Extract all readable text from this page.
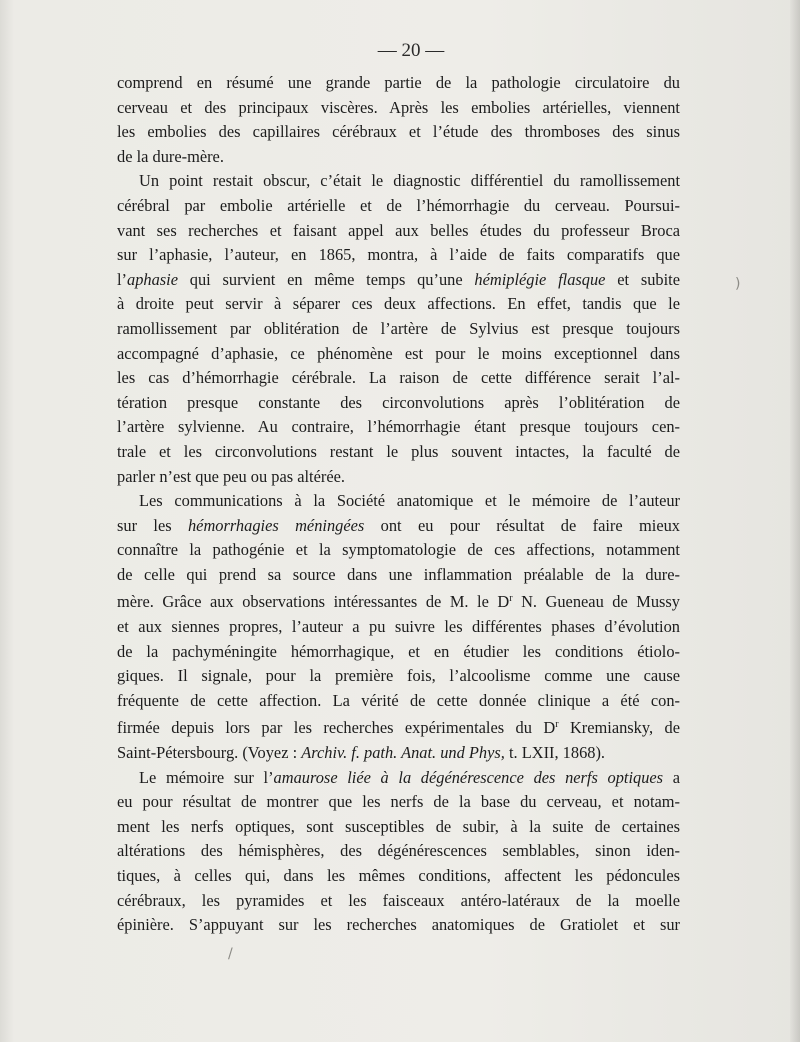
— 20 —
comprend en résumé une grande partie de la pathologie circulatoire du
cerveau et des principaux viscères. Après les embolies artérielles, viennent
les embolies des capillaires cérébraux et l’étude des thromboses des sinus
de la dure-mère.
Un point restait obscur, c’était le diagnostic différentiel du ramollissement
cérébral par embolie artérielle et de l’hémorrhagie du cerveau. Poursui-
vant ses recherches et faisant appel aux belles études du professeur Broca
sur l’aphasie, l’auteur, en 1865, montra, à l’aide de faits comparatifs que
l’aphasie qui survient en même temps qu’une hémiplégie flasque et subite
à droite peut servir à séparer ces deux affections. En effet, tandis que le
ramollissement par oblitération de l’artère de Sylvius est presque toujours
accompagné d’aphasie, ce phénomène est pour le moins exceptionnel dans
les cas d’hémorrhagie cérébrale. La raison de cette différence serait l’al-
tération presque constante des circonvolutions après l’oblitération de
l’artère sylvienne. Au contraire, l’hémorrhagie étant presque toujours cen-
trale et les circonvolutions restant le plus souvent intactes, la faculté de
parler n’est que peu ou pas altérée.
Les communications à la Société anatomique et le mémoire de l’auteur
sur les hémorrhagies méningées ont eu pour résultat de faire mieux
connaître la pathogénie et la symptomatologie de ces affections, notamment
de celle qui prend sa source dans une inflammation préalable de la dure-
mère. Grâce aux observations intéressantes de M. le $D^r$ N. Gueneau de Mussy
et aux siennes propres, l’auteur a pu suivre les différentes phases d’évolution
de la pachyméningite hémorrhagique, et en étudier les conditions étiolo-
giques. Il signale, pour la première fois, l’alcoolisme comme une cause
fréquente de cette affection. La vérité de cette donnée clinique a été con-
firmée depuis lors par les recherches expérimentales du $D^r$ Kremiansky, de
Saint-Pétersbourg. (Voyez : Archiv. f. path. Anat. und Phys, t. LXII, 1868).
Le mémoire sur l’amaurose liée à la dégénérescence des nerfs optiques a
eu pour résultat de montrer que les nerfs de la base du cerveau, et notam-
ment les nerfs optiques, sont susceptibles de subir, à la suite de certaines
altérations des hémisphères, des dégénérescences semblables, sinon iden-
tiques, à celles qui, dans les mêmes conditions, affectent les pédoncules
cérébraux, les pyramides et les faisceaux antéro-latéraux de la moelle
épinière. S’appuyant sur les recherches anatomiques de Gratiolet et sur
)
/
